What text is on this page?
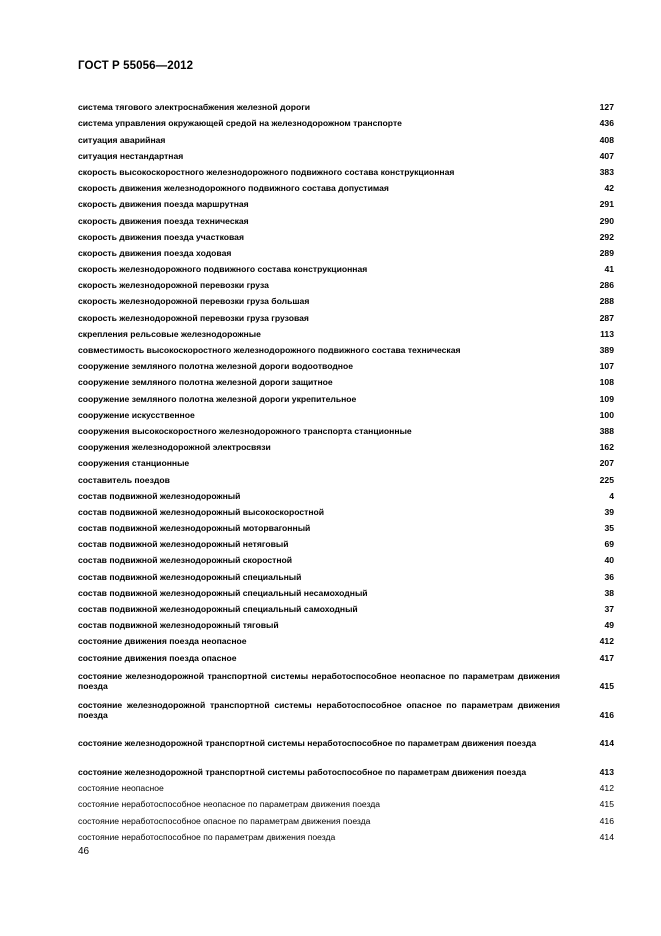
ГОСТ Р 55056—2012
система тягового электроснабжения железной дороги	127
система управления окружающей средой на железнодорожном транспорте	436
ситуация аварийная	408
ситуация нестандартная	407
скорость высокоскоростного железнодорожного подвижного состава конструкционная	383
скорость движения железнодорожного подвижного состава допустимая	42
скорость движения поезда маршрутная	291
скорость движения поезда техническая	290
скорость движения поезда участковая	292
скорость движения поезда ходовая	289
скорость железнодорожного подвижного состава конструкционная	41
скорость железнодорожной перевозки груза	286
скорость железнодорожной перевозки груза большая	288
скорость железнодорожной перевозки груза грузовая	287
скрепления рельсовые железнодорожные	113
совместимость высокоскоростного железнодорожного подвижного состава техническая	389
сооружение земляного полотна железной дороги водоотводное	107
сооружение земляного полотна железной дороги защитное	108
сооружение земляного полотна железной дороги укрепительное	109
сооружение искусственное	100
сооружения высокоскоростного железнодорожного транспорта станционные	388
сооружения железнодорожной электросвязи	162
сооружения станционные	207
составитель поездов	225
состав подвижной железнодорожный	4
состав подвижной железнодорожный высокоскоростной	39
состав подвижной железнодорожный моторвагонный	35
состав подвижной железнодорожный нетяговый	69
состав подвижной железнодорожный скоростной	40
состав подвижной железнодорожный специальный	36
состав подвижной железнодорожный специальный несамоходный	38
состав подвижной железнодорожный специальный самоходный	37
состав подвижной железнодорожный тяговый	49
состояние движения поезда неопасное	412
состояние движения поезда опасное	417
состояние железнодорожной транспортной системы неработоспособное неопасное по параметрам движения поезда	415
состояние железнодорожной транспортной системы неработоспособное опасное по параметрам движения поезда	416
состояние железнодорожной транспортной системы неработоспособное по параметрам движения поезда	414
состояние железнодорожной транспортной системы работоспособное по параметрам движения поезда	413
состояние неопасное	412
состояние неработоспособное неопасное по параметрам движения поезда	415
состояние неработоспособное опасное по параметрам движения поезда	416
состояние неработоспособное по параметрам движения поезда	414
46
